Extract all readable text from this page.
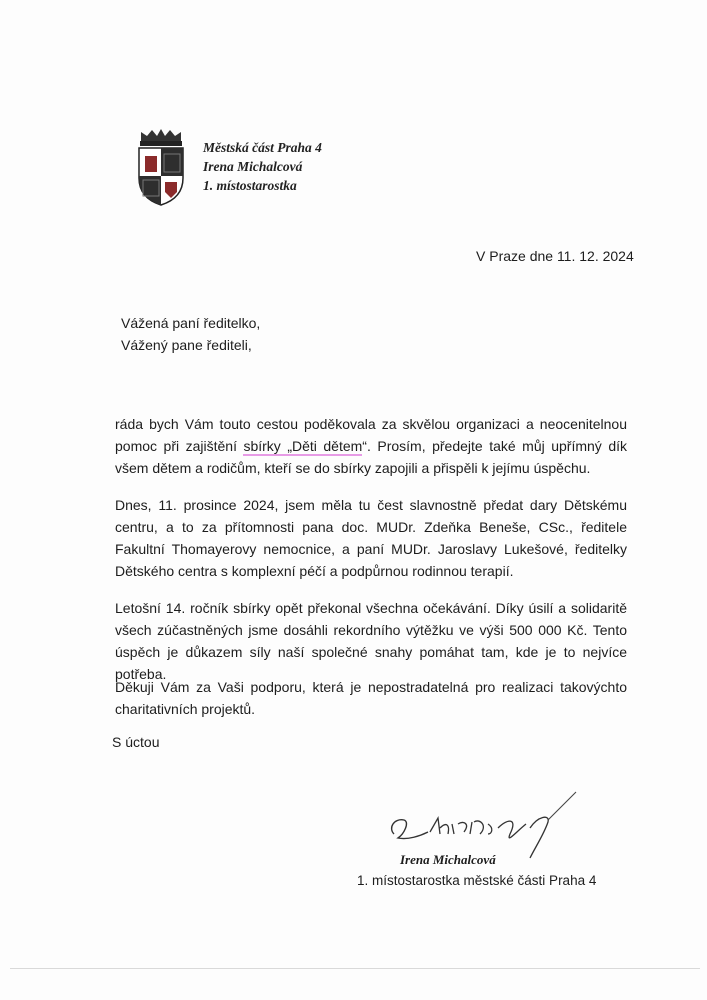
Městská část Praha 4
Irena Michalcová
1. místostarostka
V Praze dne 11. 12. 2024
Vážená paní ředitelko,
Vážený pane řediteli,
ráda bych Vám touto cestou poděkovala za skvělou organizaci a neocenitelnou pomoc při zajištění sbírky „Děti dětem“. Prosím, předejte také můj upřímný dík všem dětem a rodičům, kteří se do sbírky zapojili a přispěli k jejímu úspěchu.
Dnes, 11. prosince 2024, jsem měla tu čest slavnostně předat dary Dětskému centru, a to za přítomnosti pana doc. MUDr. Zdeňka Beneše, CSc., ředitele Fakultní Thomayerovy nemocnice, a paní MUDr. Jaroslavy Lukešové, ředitelky Dětského centra s komplexní péčí a podpůrnou rodinnou terapií.
Letošní 14. ročník sbírky opět překonal všechna očekávání. Díky úsilí a solidaritě všech zúčastněných jsme dosáhli rekordního výtěžku ve výši 500 000 Kč. Tento úspěch je důkazem síly naší společné snahy pomáhat tam, kde je to nejvíce potřeba.
Děkuji Vám za Vaši podporu, která je nepostradatelná pro realizaci takovýchto charitativních projektů.
S úctou
Irena Michalcová
1. místostarostka městské části Praha 4
